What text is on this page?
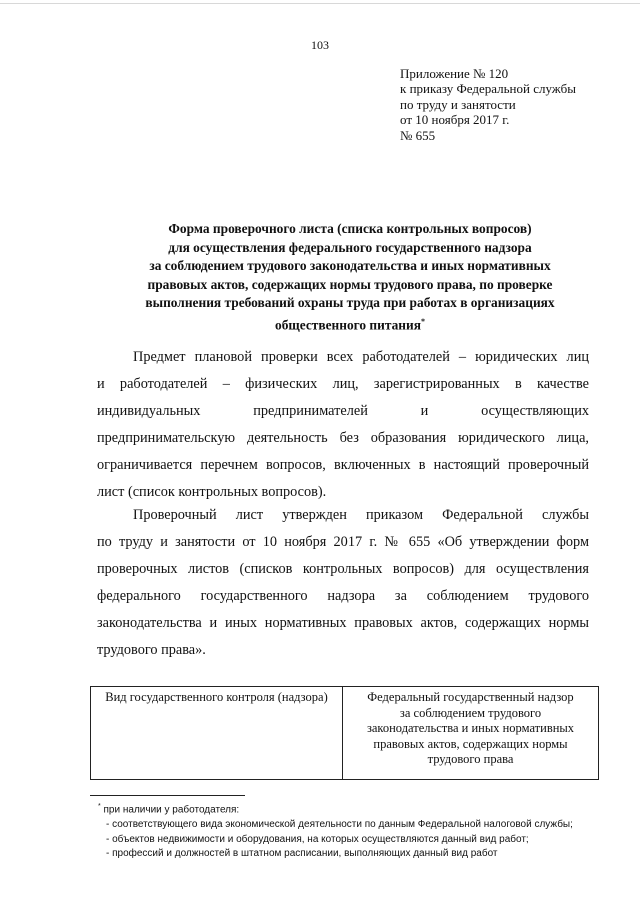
103
Приложение № 120
к приказу Федеральной службы
по труду и занятости
от 10 ноября 2017 г.
№ 655
Форма проверочного листа (списка контрольных вопросов)
для осуществления федерального государственного надзора
за соблюдением трудового законодательства и иных нормативных
правовых актов, содержащих нормы трудового права, по проверке
выполнения требований охраны труда при работах в организациях
общественного питания*
Предмет плановой проверки всех работодателей – юридических лиц
и работодателей – физических лиц, зарегистрированных в качестве
индивидуальных предпринимателей и осуществляющих
предпринимательскую деятельность без образования юридического лица,
ограничивается перечнем вопросов, включенных в настоящий проверочный
лист (список контрольных вопросов).
Проверочный лист утвержден приказом Федеральной службы
по труду и занятости от 10 ноября 2017 г. № 655 «Об утверждении форм
проверочных листов (списков контрольных вопросов) для осуществления
федерального государственного надзора за соблюдением трудового
законодательства и иных нормативных правовых актов, содержащих нормы
трудового права».
Вид государственного контроля (надзора)	Федеральный государственный надзор
за соблюдением трудового
законодательства и иных нормативных
правовых актов, содержащих нормы
трудового права
* при наличии у работодателя:
- соответствующего вида экономической деятельности по данным Федеральной налоговой службы;
- объектов недвижимости и оборудования, на которых осуществляются данный вид работ;
- профессий и должностей в штатном расписании, выполняющих данный вид работ
